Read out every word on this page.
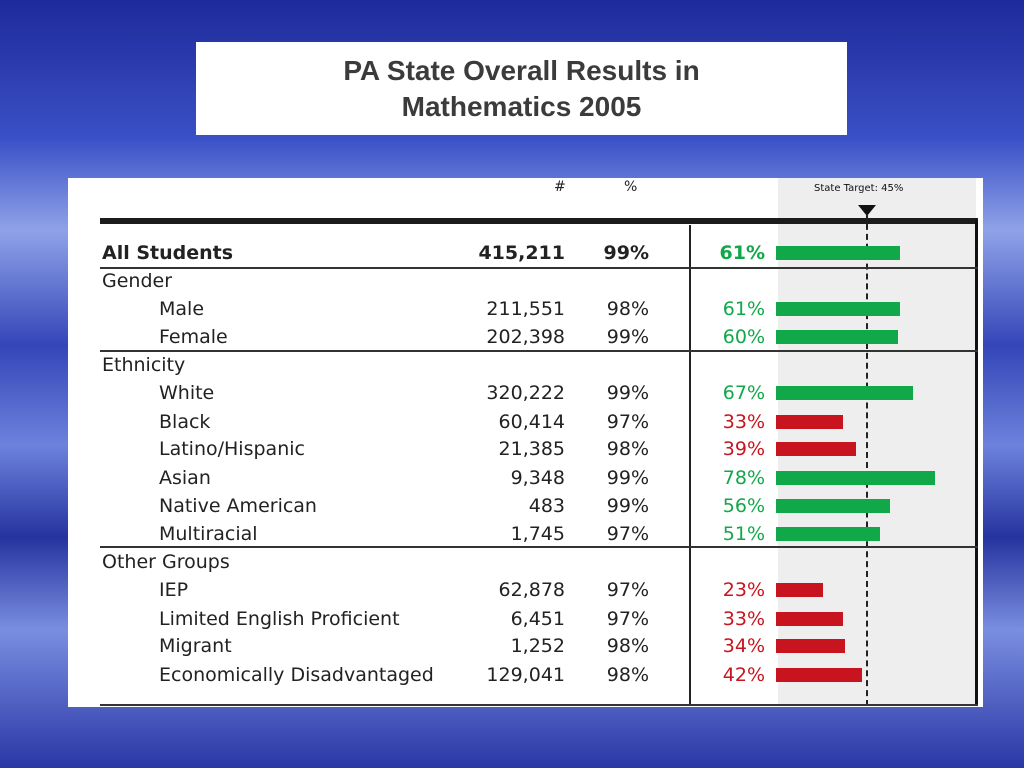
PA State Overall Results in
Mathematics 2005
#	%	State Target: 45%
All Students	415,211 99%	61%
Gender
Male	211,551 98%	61%
Female	202,398 99%	60%
Ethnicity
White	320,222 99%	67%
Black	60,414 97%	33%
Latino/Hispanic	21,385 98%	39%
Asian	9,348 99%	78%
Native American	483 99%	56%
Multiracial	1,745 97%	51%
Other Groups
IEP	62,878 97%	23%
Limited English Proficient	6,451 97%	33%
Migrant	1,252 98%	34%
Economically Disadvantaged	129,041 98%	42%
